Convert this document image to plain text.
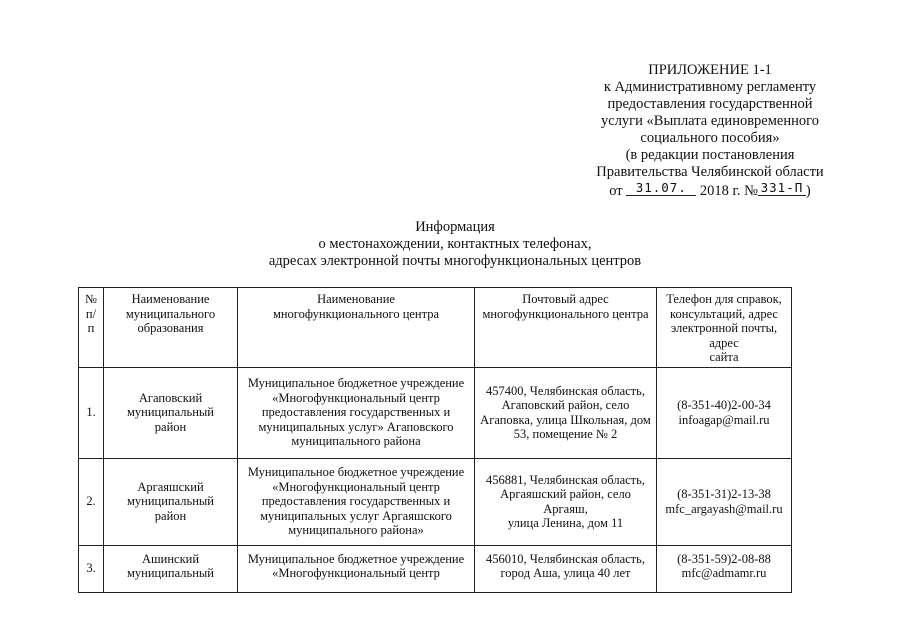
ПРИЛОЖЕНИЕ 1-1
к Административному регламенту
предоставления государственной
услуги «Выплата единовременного
социального пособия»
(в редакции постановления
Правительства Челябинской области
от 31.07. 2018 г. № 331-П )
Информация
о местонахождении, контактных телефонах,
адресах электронной почты многофункциональных центров
№
п/п	Наименование
муниципального
образования	Наименование
многофункционального центра	Почтовый адрес
многофункционального центра	Телефон для справок,
консультаций, адрес
электронной почты, адрес
сайта

1.	Агаповский
муниципальный
район	Муниципальное бюджетное учреждение
«Многофункциональный центр
предоставления государственных и
муниципальных услуг» Агаповского
муниципального района	457400, Челябинская область,
Агаповский район, село
Агаповка, улица Школьная, дом
53, помещение № 2	(8-351-40)2-00-34
infoagap@mail.ru

2.	Аргаяшский
муниципальный
район	Муниципальное бюджетное учреждение
«Многофункциональный центр
предоставления государственных и
муниципальных услуг Аргаяшского
муниципального района»	456881, Челябинская область,
Аргаяшский район, село
Аргаяш,
улица Ленина, дом 11	(8-351-31)2-13-38
mfc_argayash@mail.ru

3.	Ашинский
муниципальный	Муниципальное бюджетное учреждение
«Многофункциональный центр	456010, Челябинская область,
город Аша, улица 40 лет	(8-351-59)2-08-88
mfc@admamr.ru
